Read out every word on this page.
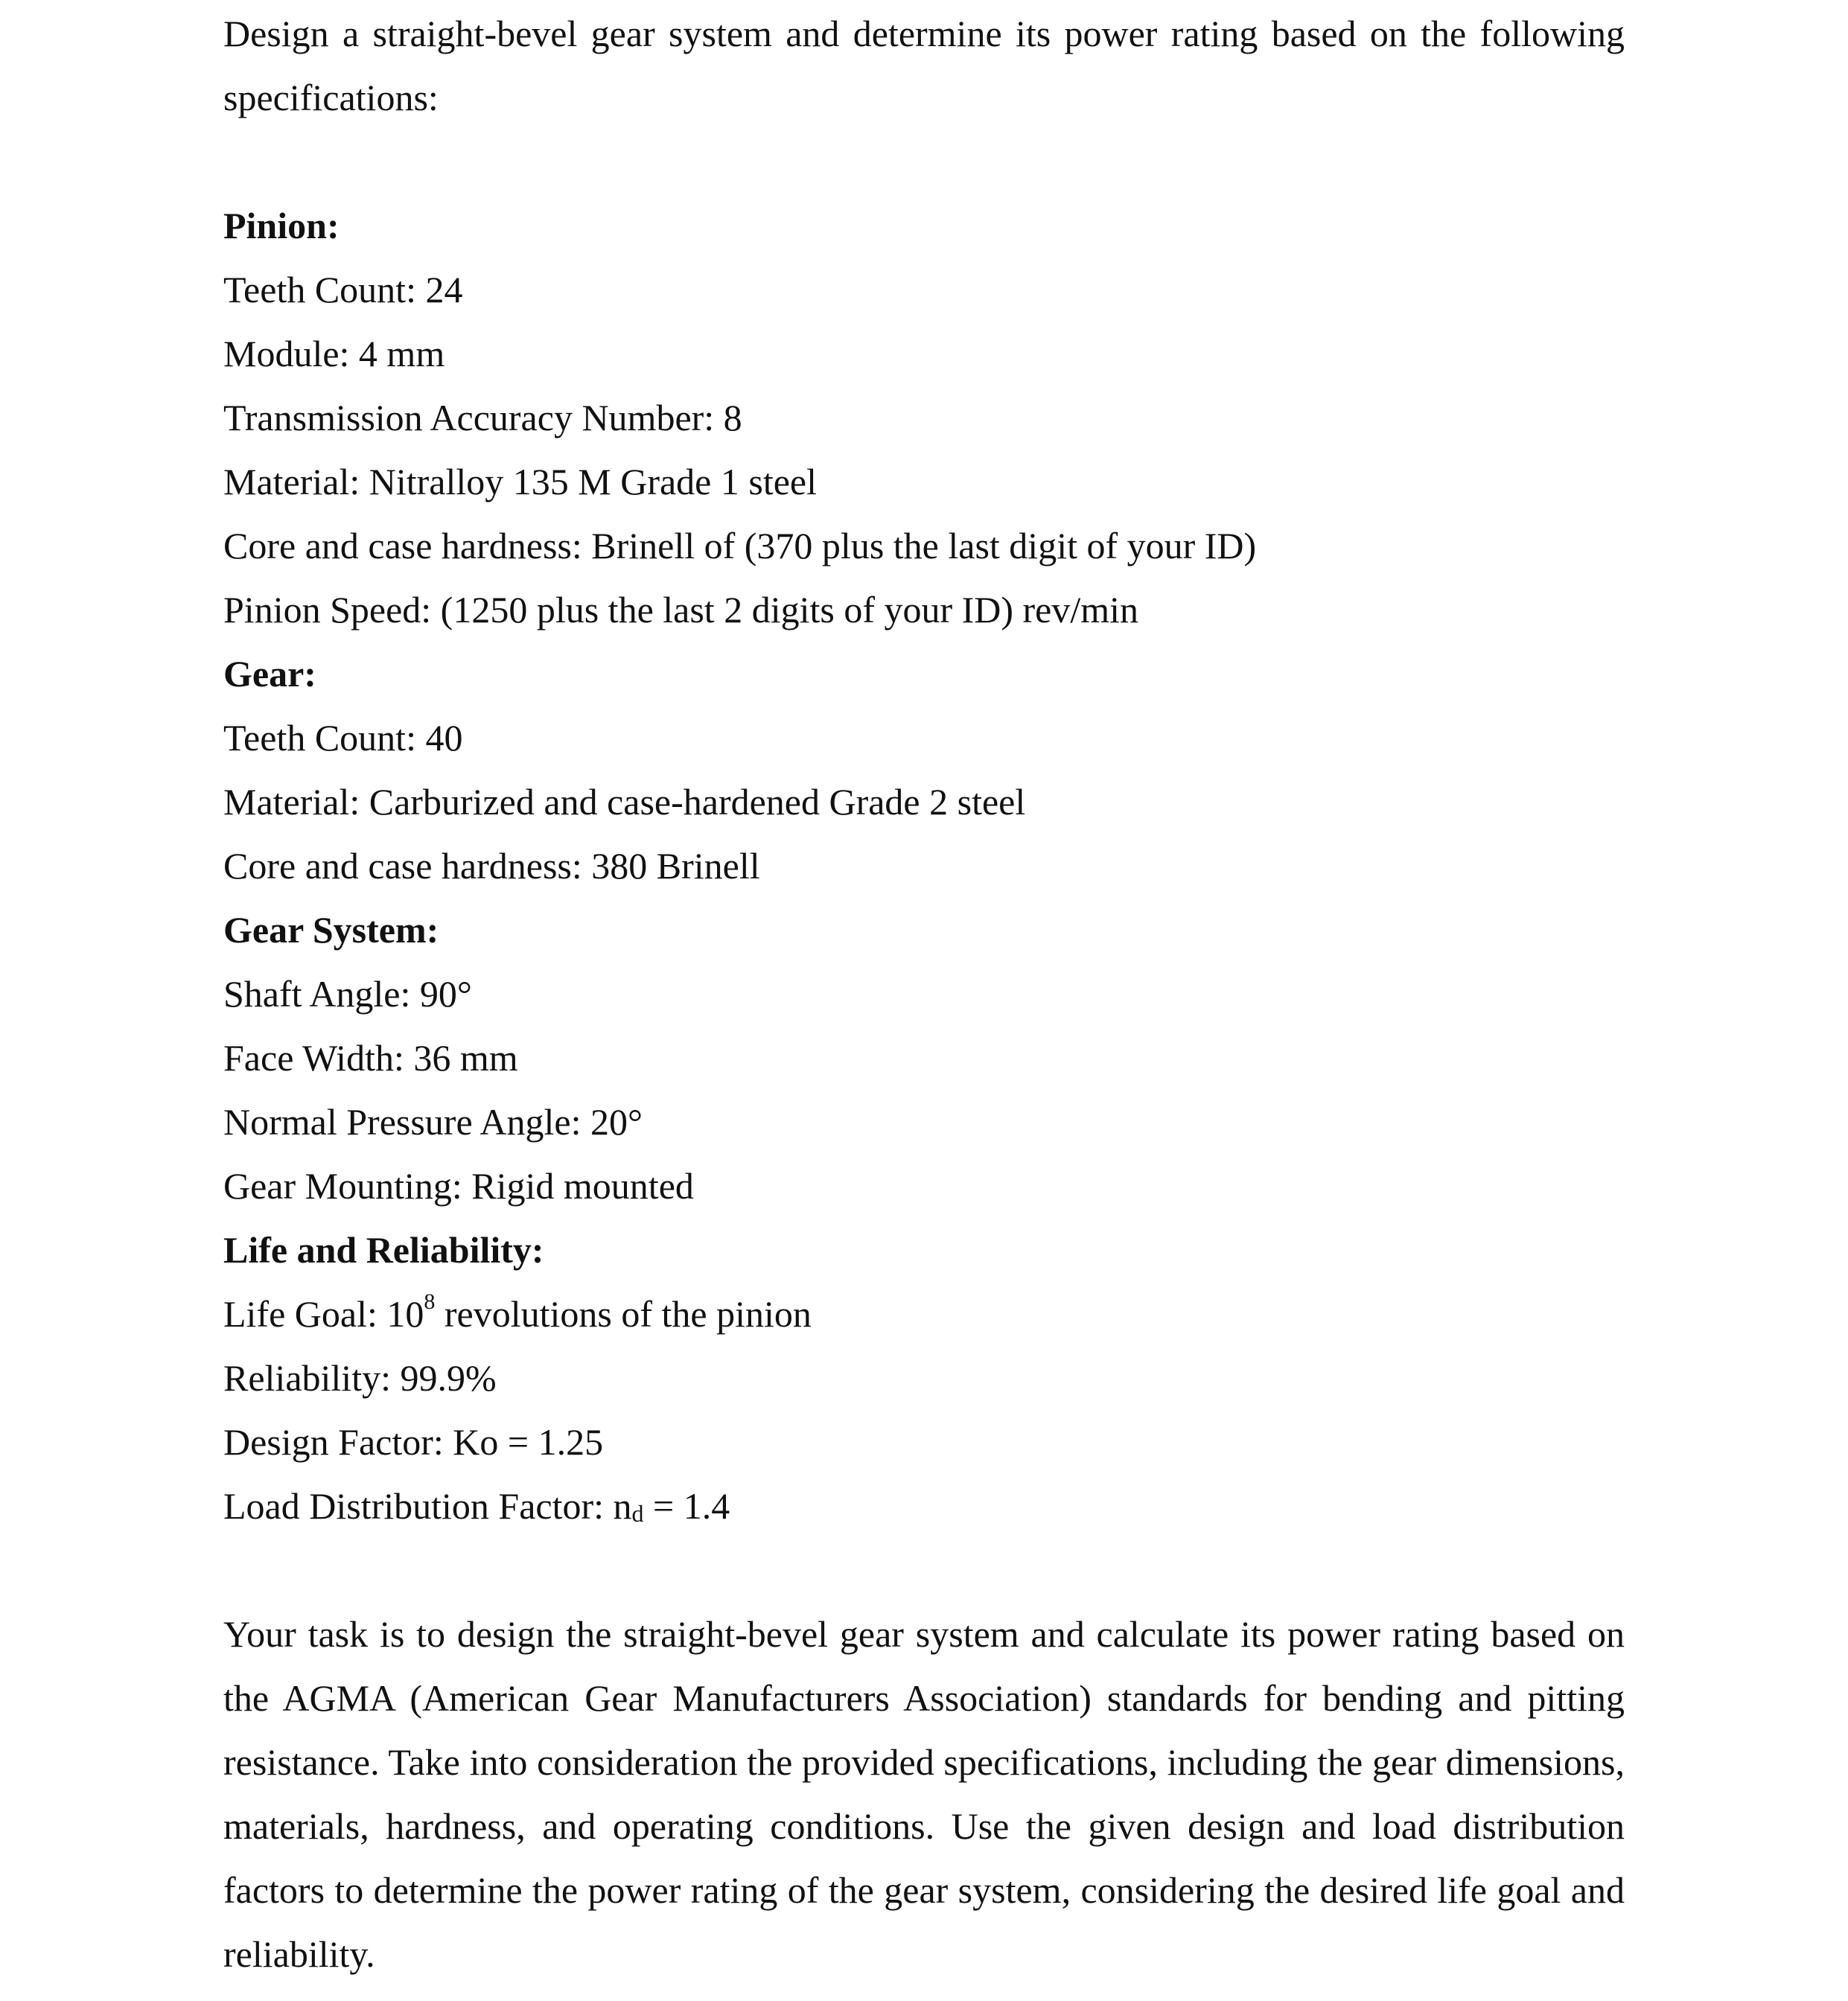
Design a straight-bevel gear system and determine its power rating based on the following specifications:

Pinion:

Teeth Count: 24

Module: 4 mm

Transmission Accuracy Number: 8

Material: Nitralloy 135 M Grade 1 steel

Core and case hardness: Brinell of (370 plus the last digit of your ID)

Pinion Speed: (1250 plus the last 2 digits of your ID) rev/min

Gear:

Teeth Count: 40

Material: Carburized and case-hardened Grade 2 steel

Core and case hardness: 380 Brinell

Gear System:

Shaft Angle: 90°

Face Width: 36 mm

Normal Pressure Angle: 20°

Gear Mounting: Rigid mounted

Life and Reliability:

Life Goal: $10^8$ revolutions of the pinion

Reliability: 99.9%

Design Factor: Ko = 1.25

Load Distribution Factor: $n_d = 1.4$

Your task is to design the straight-bevel gear system and calculate its power rating based on the AGMA (American Gear Manufacturers Association) standards for bending and pitting resistance. Take into consideration the provided specifications, including the gear dimensions, materials, hardness, and operating conditions. Use the given design and load distribution factors to determine the power rating of the gear system, considering the desired life goal and reliability.
